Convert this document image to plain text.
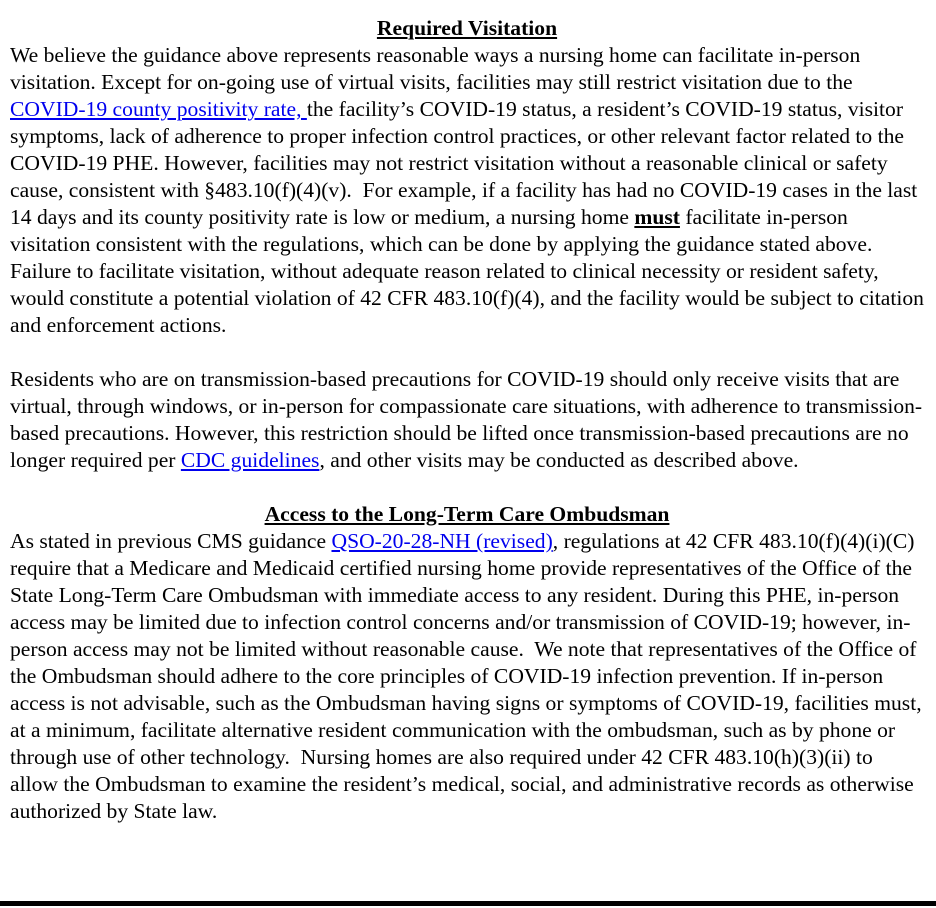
Required Visitation

We believe the guidance above represents reasonable ways a nursing home can facilitate in-person visitation. Except for on-going use of virtual visits, facilities may still restrict visitation due to the COVID-19 county positivity rate, the facility’s COVID-19 status, a resident’s COVID-19 status, visitor symptoms, lack of adherence to proper infection control practices, or other relevant factor related to the COVID-19 PHE. However, facilities may not restrict visitation without a reasonable clinical or safety cause, consistent with §483.10(f)(4)(v).  For example, if a facility has had no COVID-19 cases in the last 14 days and its county positivity rate is low or medium, a nursing home must facilitate in-person visitation consistent with the regulations, which can be done by applying the guidance stated above. Failure to facilitate visitation, without adequate reason related to clinical necessity or resident safety, would constitute a potential violation of 42 CFR 483.10(f)(4), and the facility would be subject to citation and enforcement actions.

Residents who are on transmission-based precautions for COVID-19 should only receive visits that are virtual, through windows, or in-person for compassionate care situations, with adherence to transmission-based precautions. However, this restriction should be lifted once transmission-based precautions are no longer required per CDC guidelines, and other visits may be conducted as described above.

Access to the Long-Term Care Ombudsman

As stated in previous CMS guidance QSO-20-28-NH (revised), regulations at 42 CFR 483.10(f)(4)(i)(C) require that a Medicare and Medicaid certified nursing home provide representatives of the Office of the State Long-Term Care Ombudsman with immediate access to any resident. During this PHE, in-person access may be limited due to infection control concerns and/or transmission of COVID-19; however, in-person access may not be limited without reasonable cause.  We note that representatives of the Office of the Ombudsman should adhere to the core principles of COVID-19 infection prevention. If in-person access is not advisable, such as the Ombudsman having signs or symptoms of COVID-19, facilities must, at a minimum, facilitate alternative resident communication with the ombudsman, such as by phone or through use of other technology.  Nursing homes are also required under 42 CFR 483.10(h)(3)(ii) to allow the Ombudsman to examine the resident’s medical, social, and administrative records as otherwise authorized by State law.
